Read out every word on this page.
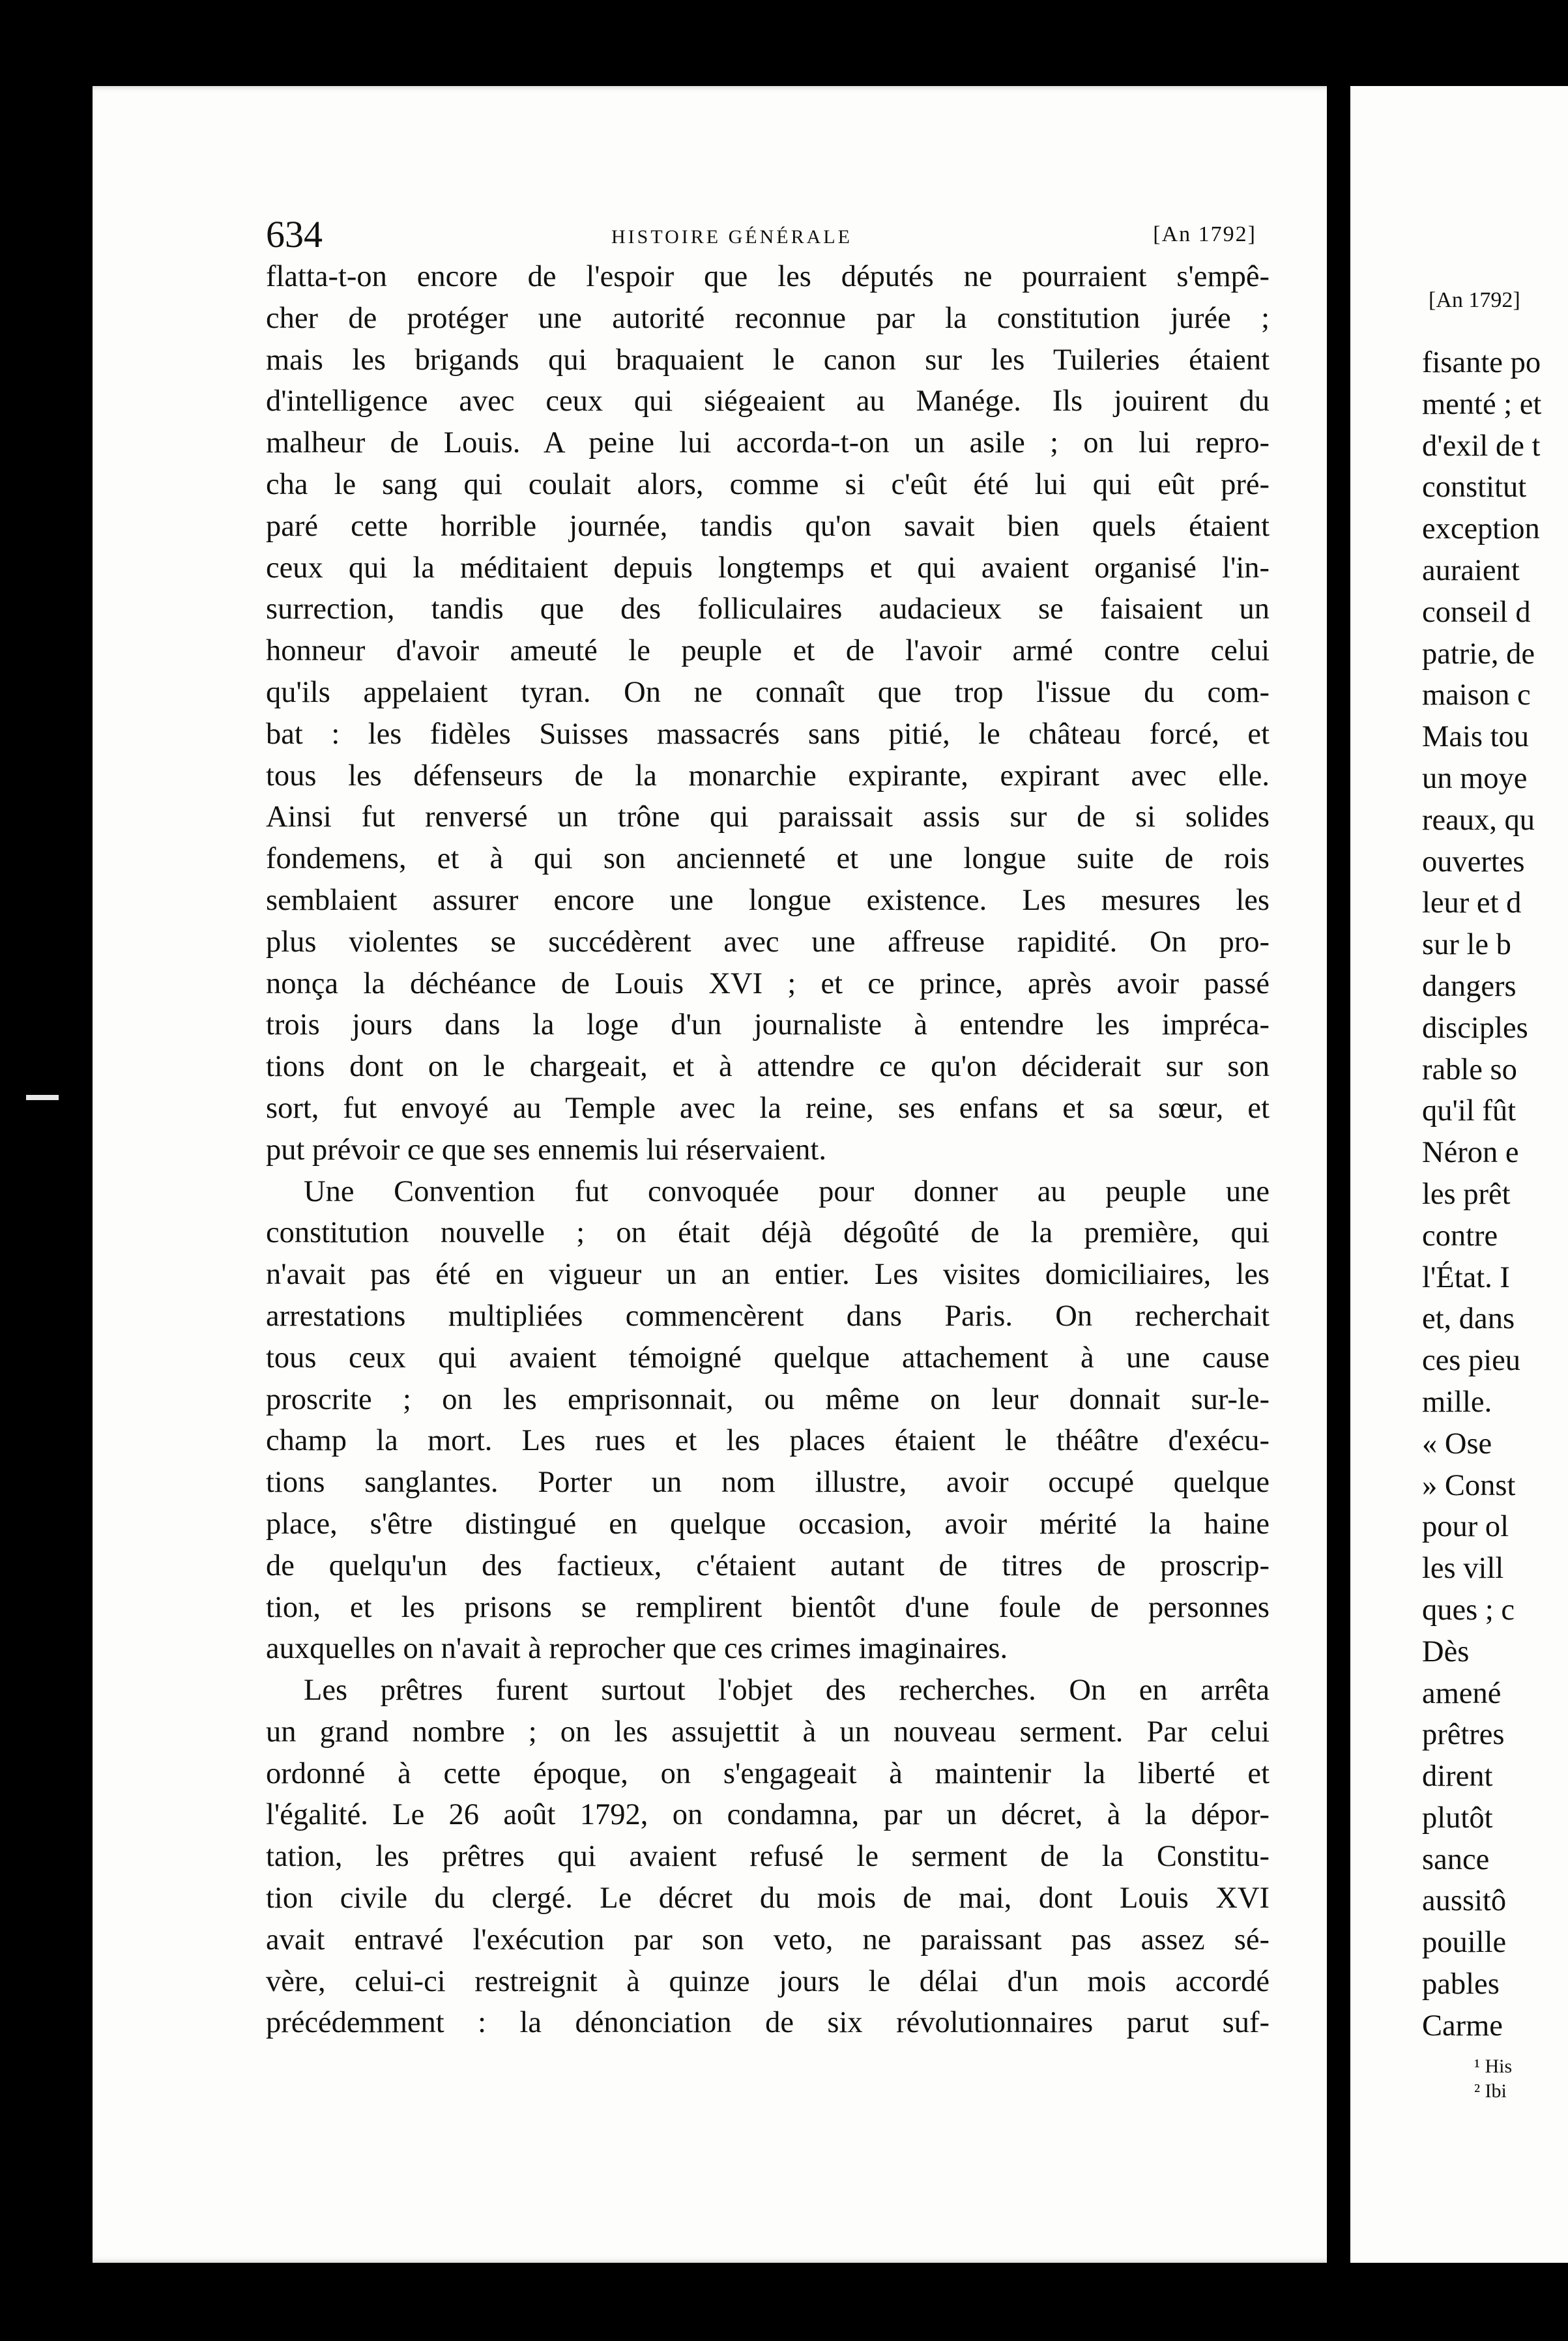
[An 1792]
fisante po
menté ; et
d'exil de t
constitut
exception
auraient
conseil d
patrie, de
maison c
Mais tou
un moye
reaux, qu
ouvertes
leur et d
sur le b
dangers
disciples
rable so
qu'il fût
Néron e
les prêt
contre
l'État. I
et, dans
ces pieu
mille.
« Ose
» Const
pour ol
les vill
ques ; c
Dès
amené
prêtres
dirent
plutôt
sance
aussitô
pouille
pables
Carme
¹ His
² Ibi
634	HISTOIRE GÉNÉRALE	[An 1792]
flatta-t-on encore de l'espoir que les députés ne pourraient s'empê-
cher de protéger une autorité reconnue par la constitution jurée ;
mais les brigands qui braquaient le canon sur les Tuileries étaient
d'intelligence avec ceux qui siégeaient au Manége. Ils jouirent du
malheur de Louis. A peine lui accorda-t-on un asile ; on lui repro-
cha le sang qui coulait alors, comme si c'eût été lui qui eût pré-
paré cette horrible journée, tandis qu'on savait bien quels étaient
ceux qui la méditaient depuis longtemps et qui avaient organisé l'in-
surrection, tandis que des folliculaires audacieux se faisaient un
honneur d'avoir ameuté le peuple et de l'avoir armé contre celui
qu'ils appelaient tyran. On ne connaît que trop l'issue du com-
bat : les fidèles Suisses massacrés sans pitié, le château forcé, et
tous les défenseurs de la monarchie expirante, expirant avec elle.
Ainsi fut renversé un trône qui paraissait assis sur de si solides
fondemens, et à qui son ancienneté et une longue suite de rois
semblaient assurer encore une longue existence. Les mesures les
plus violentes se succédèrent avec une affreuse rapidité. On pro-
nonça la déchéance de Louis XVI ; et ce prince, après avoir passé
trois jours dans la loge d'un journaliste à entendre les impréca-
tions dont on le chargeait, et à attendre ce qu'on déciderait sur son
sort, fut envoyé au Temple avec la reine, ses enfans et sa sœur, et
put prévoir ce que ses ennemis lui réservaient.
Une Convention fut convoquée pour donner au peuple une
constitution nouvelle ; on était déjà dégoûté de la première, qui
n'avait pas été en vigueur un an entier. Les visites domiciliaires, les
arrestations multipliées commencèrent dans Paris. On recherchait
tous ceux qui avaient témoigné quelque attachement à une cause
proscrite ; on les emprisonnait, ou même on leur donnait sur-le-
champ la mort. Les rues et les places étaient le théâtre d'exécu-
tions sanglantes. Porter un nom illustre, avoir occupé quelque
place, s'être distingué en quelque occasion, avoir mérité la haine
de quelqu'un des factieux, c'étaient autant de titres de proscrip-
tion, et les prisons se remplirent bientôt d'une foule de personnes
auxquelles on n'avait à reprocher que ces crimes imaginaires.
Les prêtres furent surtout l'objet des recherches. On en arrêta
un grand nombre ; on les assujettit à un nouveau serment. Par celui
ordonné à cette époque, on s'engageait à maintenir la liberté et
l'égalité. Le 26 août 1792, on condamna, par un décret, à la dépor-
tation, les prêtres qui avaient refusé le serment de la Constitu-
tion civile du clergé. Le décret du mois de mai, dont Louis XVI
avait entravé l'exécution par son veto, ne paraissant pas assez sé-
vère, celui-ci restreignit à quinze jours le délai d'un mois accordé
précédemment : la dénonciation de six révolutionnaires parut suf-
